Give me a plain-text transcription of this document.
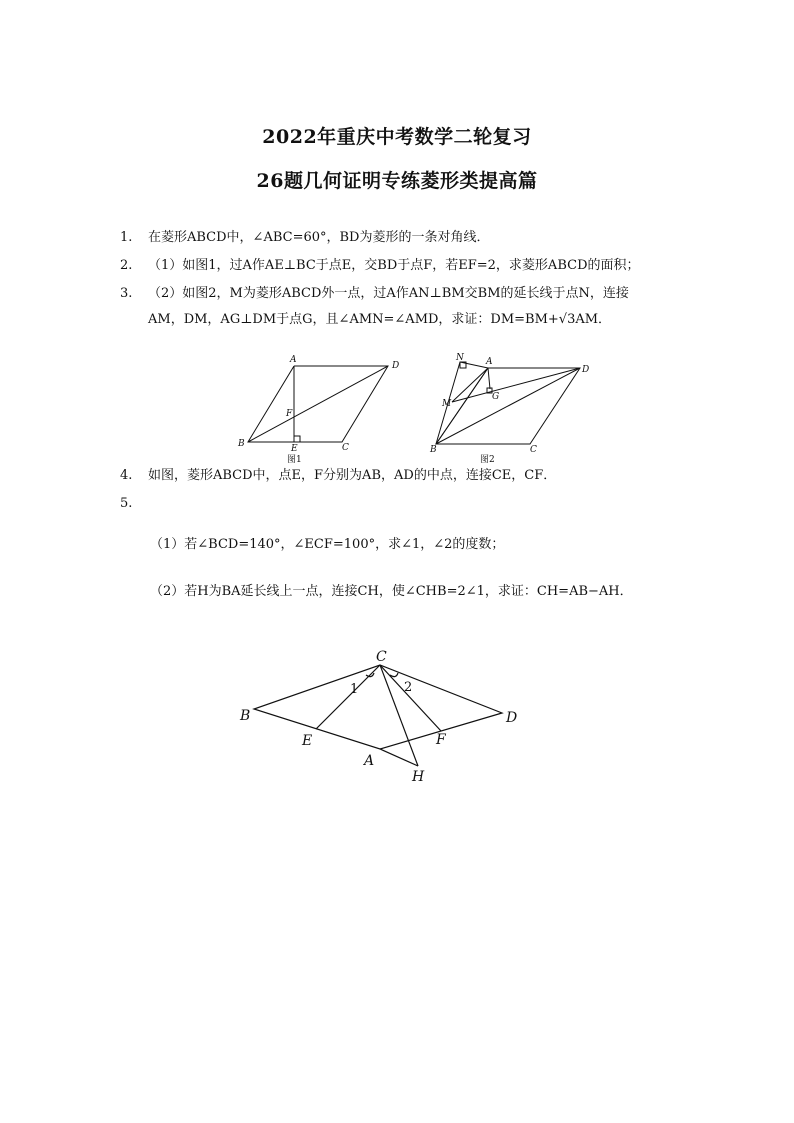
2022年重庆中考数学二轮复习
26题几何证明专练菱形类提高篇
1.	在菱形ABCD中，∠ABC=60°，BD为菱形的一条对角线．
2.	（1）如图1，过A作AE⊥BC于点E，交BD于点F，若EF=2，求菱形ABCD的面积；
3.	（2）如图2，M为菱形ABCD外一点，过A作AN⊥BM交BM的延长线于点N，连接
AM，DM，AG⊥DM于点G，且∠AMN=∠AMD，求证：DM=BM+√3AM．
A
D
B	C
F
E
N A
D
M
G
B	C
图1	图2
4.	如图，菱形ABCD中，点E，F分别为AB，AD的中点，连接CE，CF．
5.
（1）若∠BCD=140°，∠ECF=100°，求∠1，∠2的度数；
（2）若H为BA延长线上一点，连接CH，使∠CHB=2∠1，求证：CH=AB−AH．
C
B	D
E	F
A
H
1	2
